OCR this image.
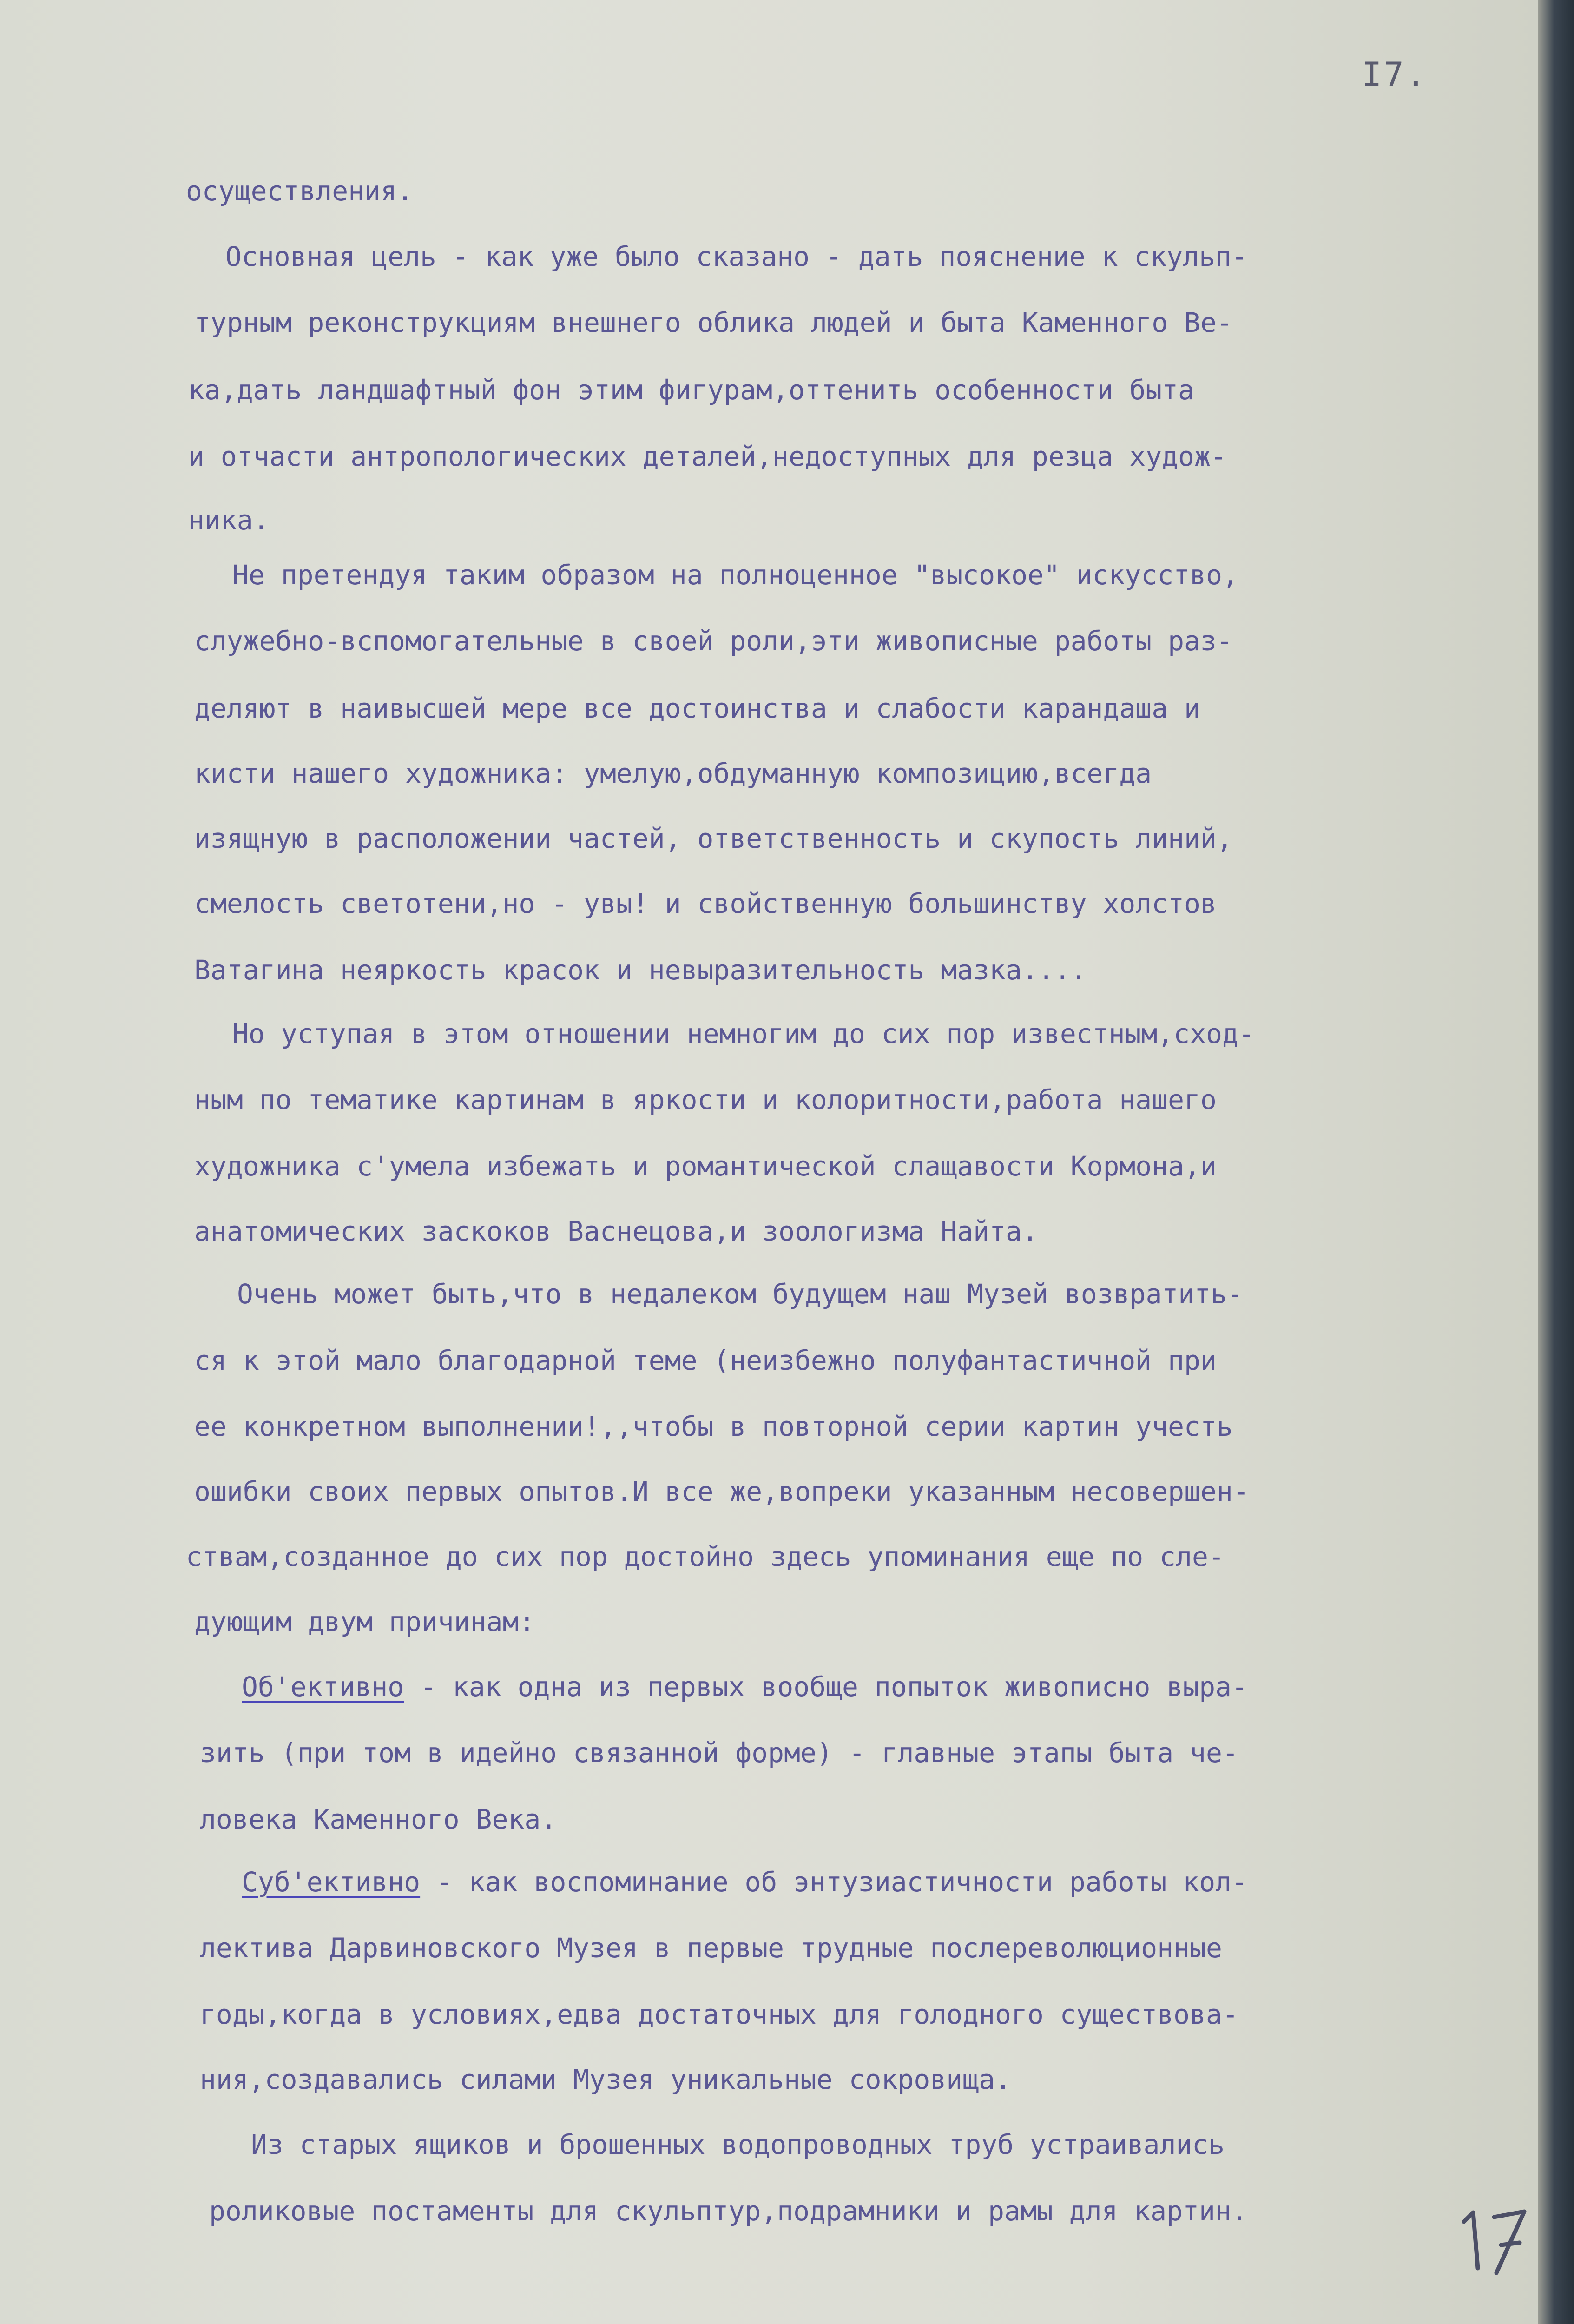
I7.
осуществления.
Основная цель - как уже было сказано - дать пояснение к скульп-
турным реконструкциям внешнего облика людей и быта Каменного Ве-
ка,дать ландшафтный фон этим фигурам,оттенить особенности быта
и отчасти антропологических деталей,недоступных для резца худож-
ника.
Не претендуя таким образом на полноценное "высокое" искусство,
служебно-вспомогательные в своей роли,эти живописные работы раз-
деляют в наивысшей мере все достоинства и слабости карандаша и
кисти нашего художника: умелую,обдуманную композицию,всегда
изящную в расположении частей, ответственность и скупость линий,
смелость светотени,но - увы! и свойственную большинству холстов
Ватагина неяркость красок и невыразительность мазка....
Но уступая в этом отношении немногим до сих пор известным,сход-
ным по тематике картинам в яркости и колоритности,работа нашего
художника с'умела избежать и романтической слащавости Кормона,и
анатомических заскоков Васнецова,и зоологизма Найта.
Очень может быть,что в недалеком будущем наш Музей возвратить-
ся к этой мало благодарной теме (неизбежно полуфантастичной при
ее конкретном выполнении!,,чтобы в повторной серии картин учесть
ошибки своих первых опытов.И все же,вопреки указанным несовершен-
ствам,созданное до сих пор достойно здесь упоминания еще по сле-
дующим двум причинам:
Об'ективно - как одна из первых вообще попыток живописно выра-
зить (при том в идейно связанной форме) - главные этапы быта че-
ловека Каменного Века.
Суб'ективно - как воспоминание об энтузиастичности работы кол-
лектива Дарвиновского Музея в первые трудные послереволюционные
годы,когда в условиях,едва достаточных для голодного существова-
ния,создавались силами Музея уникальные сокровища.
Из старых ящиков и брошенных водопроводных труб устраивались
роликовые постаменты для скульптур,подрамники и рамы для картин.
